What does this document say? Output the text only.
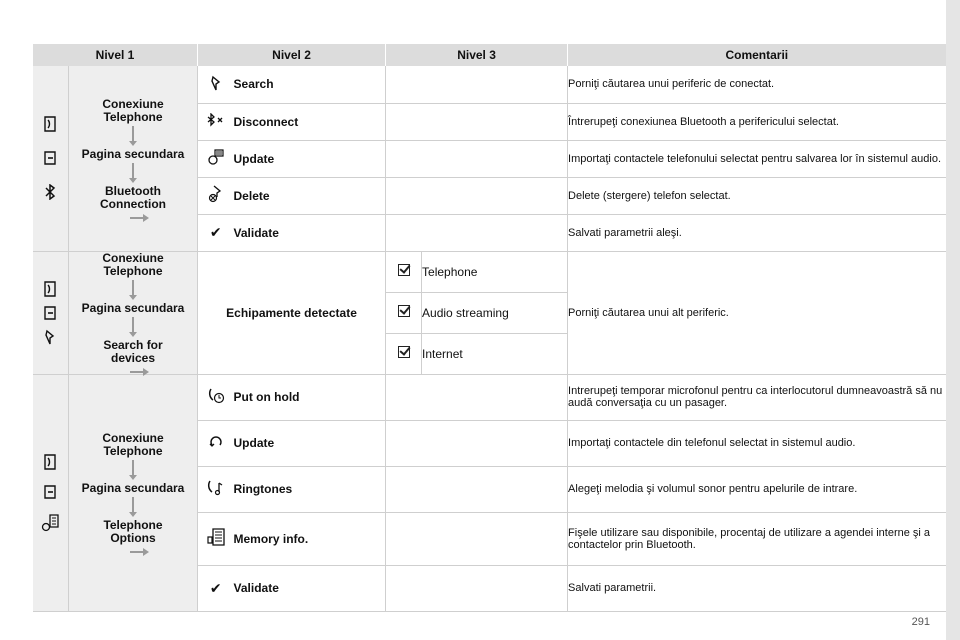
Nivel 1		Nivel 2		Nivel 3		Comentarii

Conexiune
Telephone
Pagina secundara
Bluetooth
Connection		Search			Porniţi căutarea unui periferic de conectat.
	Disconnect			Întrerupeţi conexiunea Bluetooth a perifericului selectat.
	Update			Importaţi contactele telefonului selectat pentru salvarea lor în sistemul audio.
	Delete			Delete (stergere) telefon selectat.
		✔	Validate			Salvati parametrii aleşi.

Conexiune
Telephone
Pagina secundara
Search for
devices	Echipamente detectate			Telephone	Porniţi căutarea unui alt periferic.
					Audio streaming	
					Internet	

Conexiune
Telephone
Pagina secundara
Telephone
Options		Put on hold			Intrerupeţi temporar microfonul pentru ca interlocutorul dumneavoastră să nu audă conversaţia cu un pasager.
	Update			Importaţi contactele din telefonul selectat in sistemul audio.
	Ringtones			Alegeţi melodia şi volumul sonor pentru apelurile de intrare.
	Memory info.			Fişele utilizare sau disponibile, procentaj de utilizare a agendei interne şi a contactelor prin Bluetooth.
		✔	Validate			Salvati parametrii.
291
